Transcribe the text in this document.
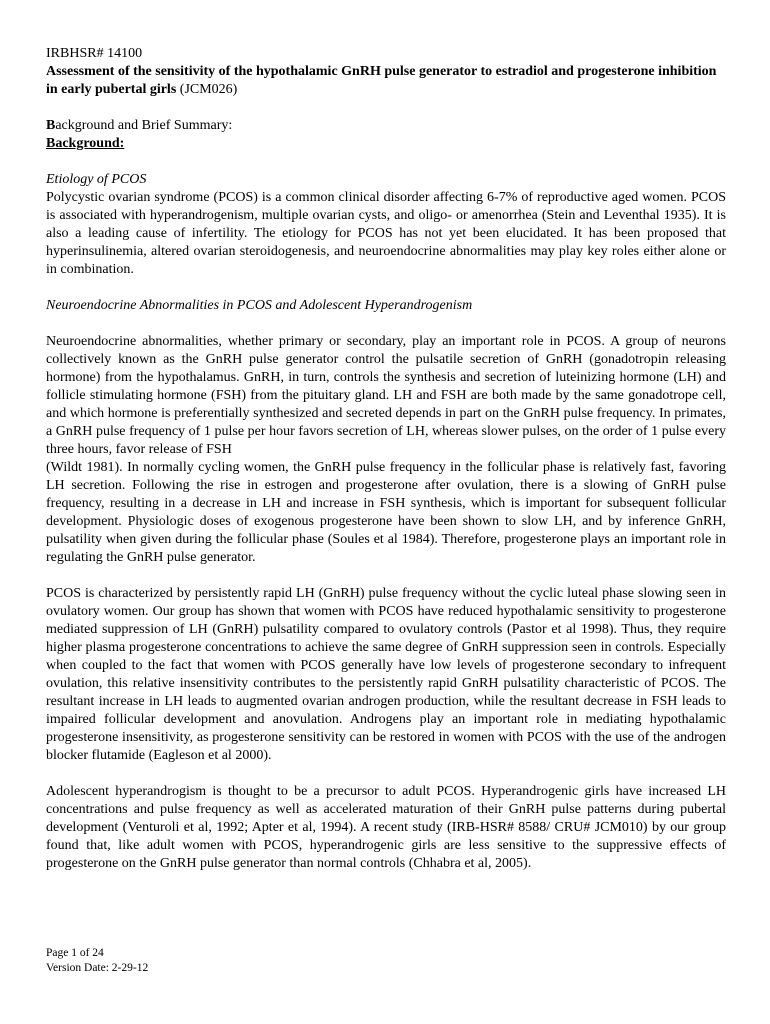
IRBHSR# 14100

Assessment of the sensitivity of the hypothalamic GnRH pulse generator to estradiol and progesterone inhibition in early pubertal girls (JCM026)

Background and Brief Summary:

Background:

Etiology of PCOS

Polycystic ovarian syndrome (PCOS) is a common clinical disorder affecting 6-7% of reproductive aged women. PCOS is associated with hyperandrogenism, multiple ovarian cysts, and oligo- or amenorrhea (Stein and Leventhal 1935). It is also a leading cause of infertility. The etiology for PCOS has not yet been elucidated. It has been proposed that hyperinsulinemia, altered ovarian steroidogenesis, and neuroendocrine abnormalities may play key roles either alone or in combination.

Neuroendocrine Abnormalities in PCOS and Adolescent Hyperandrogenism

Neuroendocrine abnormalities, whether primary or secondary, play an important role in PCOS. A group of neurons collectively known as the GnRH pulse generator control the pulsatile secretion of GnRH (gonadotropin releasing hormone) from the hypothalamus. GnRH, in turn, controls the synthesis and secretion of luteinizing hormone (LH) and follicle stimulating hormone (FSH) from the pituitary gland. LH and FSH are both made by the same gonadotrope cell, and which hormone is preferentially synthesized and secreted depends in part on the GnRH pulse frequency. In primates, a GnRH pulse frequency of 1 pulse per hour favors secretion of LH, whereas slower pulses, on the order of 1 pulse every three hours, favor release of FSH

(Wildt 1981). In normally cycling women, the GnRH pulse frequency in the follicular phase is relatively fast, favoring LH secretion. Following the rise in estrogen and progesterone after ovulation, there is a slowing of GnRH pulse frequency, resulting in a decrease in LH and increase in FSH synthesis, which is important for subsequent follicular development. Physiologic doses of exogenous progesterone have been shown to slow LH, and by inference GnRH, pulsatility when given during the follicular phase (Soules et al 1984). Therefore, progesterone plays an important role in regulating the GnRH pulse generator.

PCOS is characterized by persistently rapid LH (GnRH) pulse frequency without the cyclic luteal phase slowing seen in ovulatory women. Our group has shown that women with PCOS have reduced hypothalamic sensitivity to progesterone mediated suppression of LH (GnRH) pulsatility compared to ovulatory controls (Pastor et al 1998). Thus, they require higher plasma progesterone concentrations to achieve the same degree of GnRH suppression seen in controls. Especially when coupled to the fact that women with PCOS generally have low levels of progesterone secondary to infrequent ovulation, this relative insensitivity contributes to the persistently rapid GnRH pulsatility characteristic of PCOS. The resultant increase in LH leads to augmented ovarian androgen production, while the resultant decrease in FSH leads to impaired follicular development and anovulation. Androgens play an important role in mediating hypothalamic progesterone insensitivity, as progesterone sensitivity can be restored in women with PCOS with the use of the androgen blocker flutamide (Eagleson et al 2000).

Adolescent hyperandrogism is thought to be a precursor to adult PCOS. Hyperandrogenic girls have increased LH concentrations and pulse frequency as well as accelerated maturation of their GnRH pulse patterns during pubertal development (Venturoli et al, 1992; Apter et al, 1994). A recent study (IRB-HSR# 8588/ CRU# JCM010) by our group found that, like adult women with PCOS, hyperandrogenic girls are less sensitive to the suppressive effects of progesterone on the GnRH pulse generator than normal controls (Chhabra et al, 2005).

Page 1 of 24
Version Date: 2-29-12
